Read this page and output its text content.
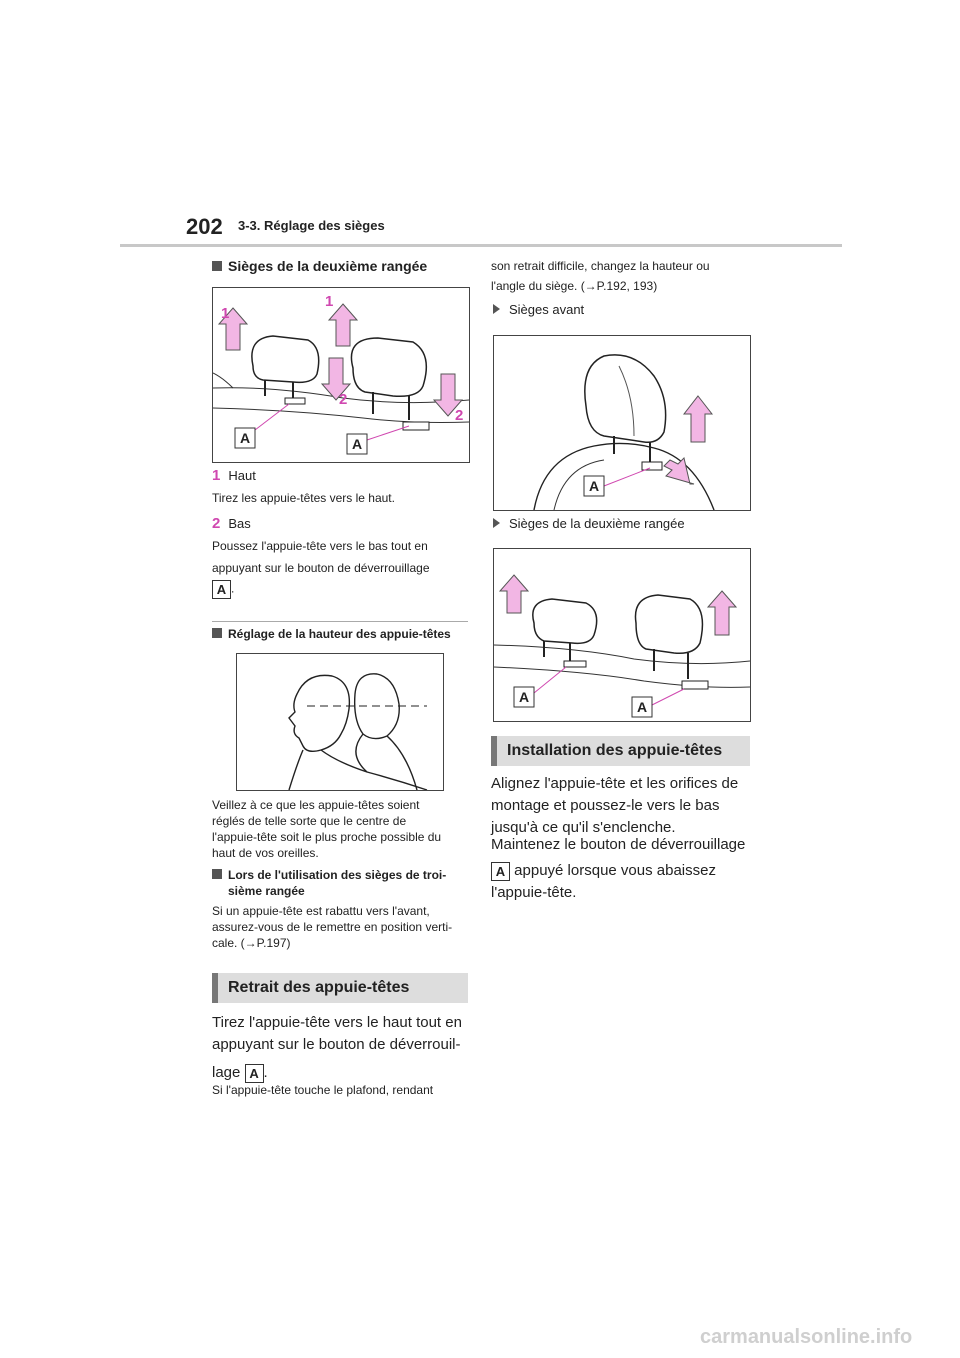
202 3-3. Réglage des sièges
Sièges de la deuxième rangée
1
1
2
2
A	A
1 Haut
Tirez les appuie-têtes vers le haut.
2 Bas
Poussez l'appuie-tête vers le bas tout en
appuyant sur le bouton de déverrouillage
A .
Réglage de la hauteur des appuie-têtes
Veillez à ce que les appuie-têtes soient
réglés de telle sorte que le centre de
l'appuie-tête soit le plus proche possible du
haut de vos oreilles.
Lors de l'utilisation des sièges de troi-
sième rangée
Si un appuie-tête est rabattu vers l'avant,
assurez-vous de le remettre en position verti-
cale. (→P.197)
Retrait des appuie-têtes
Tirez l'appuie-tête vers le haut tout en
appuyant sur le bouton de déverrouil-
lage A .
Si l'appuie-tête touche le plafond, rendant
son retrait difficile, changez la hauteur ou
l'angle du siège. (→P.192, 193)
Sièges avant
A
Sièges de la deuxième rangée
A
A
Installation des appuie-têtes
Alignez l'appuie-tête et les orifices de
montage et poussez-le vers le bas
jusqu'à ce qu'il s'enclenche.
Maintenez le bouton de déverrouillage
A appuyé lorsque vous abaissez
l'appuie-tête.
carmanualsonline.info
